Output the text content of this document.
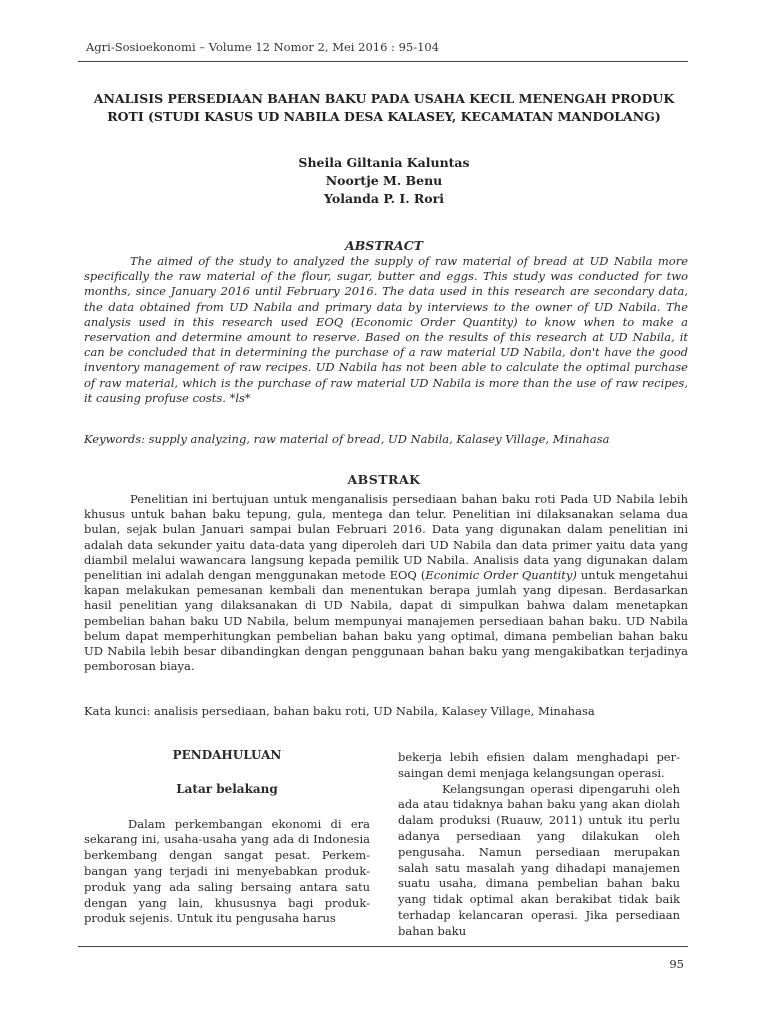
Agri-Sosioekonomi – Volume 12 Nomor 2, Mei 2016 : 95-104
ANALISIS PERSEDIAAN BAHAN BAKU PADA USAHA KECIL MENENGAH PRODUK ROTI (STUDI KASUS UD NABILA DESA KALASEY, KECAMATAN MANDOLANG)
Sheila Giltania Kaluntas
Noortje M. Benu
Yolanda P. I. Rori
ABSTRACT
The aimed of the study to analyzed the supply of raw material of bread at UD Nabila more specifically the raw material of the flour, sugar, butter and eggs. This study was conducted for two months, since January 2016 until February 2016. The data used in this research are secondary data, the data obtained from UD Nabila and primary data by interviews to the owner of UD Nabila. The analysis used in this research used EOQ (Economic Order Quantity) to know when to make a reservation and determine amount to reserve. Based on the results of this research at UD Nabila, it can be concluded that in determining the purchase of a raw material UD Nabila, don't have the good inventory management of raw recipes. UD Nabila has not been able to calculate the optimal purchase of raw material, which is the purchase of raw material UD Nabila is more than the use of raw recipes, it causing profuse costs. *ls*
Keywords: supply analyzing, raw material of bread, UD Nabila, Kalasey Village, Minahasa
ABSTRAK
Penelitian ini bertujuan untuk menganalisis persediaan bahan baku roti Pada UD Nabila lebih khusus untuk bahan baku tepung, gula, mentega dan telur. Penelitian ini dilaksanakan selama dua bulan, sejak bulan Januari sampai bulan Februari 2016. Data yang digunakan dalam penelitian ini adalah data sekunder yaitu data-data yang diperoleh dari UD Nabila dan data primer yaitu data yang diambil melalui wawancara langsung kepada pemilik UD Nabila. Analisis data yang digunakan dalam penelitian ini adalah dengan menggunakan metode EOQ (Econimic Order Quantity) untuk mengetahui kapan melakukan pemesanan kembali dan menentukan berapa jumlah yang dipesan. Berdasarkan hasil penelitian yang dilaksanakan di UD Nabila, dapat di simpulkan bahwa dalam menetapkan pembelian bahan baku UD Nabila, belum mempunyai manajemen persediaan bahan baku. UD Nabila belum dapat memperhitungkan pembelian bahan baku yang optimal, dimana pembelian bahan baku UD Nabila lebih besar dibandingkan dengan penggunaan bahan baku yang mengakibatkan terjadinya pemborosan biaya.
Kata kunci: analisis persediaan, bahan baku roti, UD Nabila, Kalasey Village, Minahasa
PENDAHULUAN
Latar belakang

Dalam perkembangan ekonomi di era sekarang ini, usaha-usaha yang ada di Indonesia berkembang dengan sangat pesat. Perkem-bangan yang terjadi ini menyebabkan produk-produk yang ada saling bersaing antara satu dengan yang lain, khususnya bagi produk-produk sejenis. Untuk itu pengusaha harus

bekerja lebih efisien dalam menghadapi per-saingan demi menjaga kelangsungan operasi.

Kelangsungan operasi dipengaruhi oleh ada atau tidaknya bahan baku yang akan diolah dalam produksi (Ruauw, 2011) untuk itu perlu adanya persediaan yang dilakukan oleh pengusaha. Namun persediaan merupakan salah satu masalah yang dihadapi manajemen suatu usaha, dimana pembelian bahan baku yang tidak optimal akan berakibat tidak baik terhadap kelancaran operasi. Jika persediaan bahan baku

95
